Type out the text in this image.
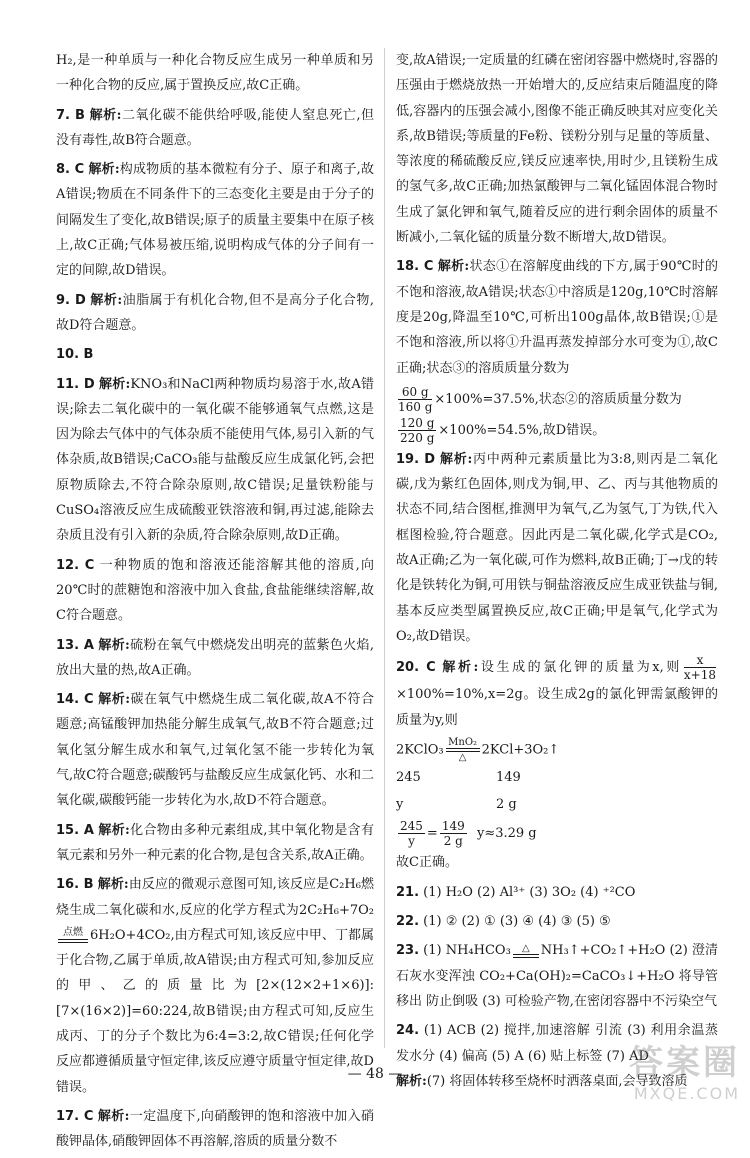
H₂,是一种单质与一种化合物反应生成另一种单质和另一种化合物的反应,属于置换反应,故C正确。

7. B 解析:二氧化碳不能供给呼吸,能使人窒息死亡,但没有毒性,故B符合题意。

8. C 解析:构成物质的基本微粒有分子、原子和离子,故A错误;物质在不同条件下的三态变化主要是由于分子的间隔发生了变化,故B错误;原子的质量主要集中在原子核上,故C正确;气体易被压缩,说明构成气体的分子间有一定的间隙,故D错误。

9. D 解析:油脂属于有机化合物,但不是高分子化合物,故D符合题意。

10. B

11. D 解析:KNO₃和NaCl两种物质均易溶于水,故A错误;除去二氧化碳中的一氧化碳不能够通氧气点燃,这是因为除去气体中的气体杂质不能使用气体,易引入新的气体杂质,故B错误;CaCO₃能与盐酸反应生成氯化钙,会把原物质除去,不符合除杂原则,故C错误;足量铁粉能与CuSO₄溶液反应生成硫酸亚铁溶液和铜,再过滤,能除去杂质且没有引入新的杂质,符合除杂原则,故D正确。

12. C 一种物质的饱和溶液还能溶解其他的溶质,向20℃时的蔗糖饱和溶液中加入食盐,食盐能继续溶解,故C符合题意。

13. A 解析:硫粉在氧气中燃烧发出明亮的蓝紫色火焰,放出大量的热,故A正确。

14. C 解析:碳在氧气中燃烧生成二氧化碳,故A不符合题意;高锰酸钾加热能分解生成氧气,故B不符合题意;过氧化氢分解生成水和氧气,过氧化氢不能一步转化为氧气,故C符合题意;碳酸钙与盐酸反应生成氯化钙、水和二氧化碳,碳酸钙能一步转化为水,故D不符合题意。

15. A 解析:化合物由多种元素组成,其中氧化物是含有氧元素和另外一种元素的化合物,是包含关系,故A正确。

16. B 解析:由反应的微观示意图可知,该反应是C₂H₆燃烧生成二氧化碳和水,反应的化学方程式为2C₂H₆+7O₂
点燃 6H₂O+4CO₂,由方程式可知,该反应中甲、丁都属于化合物,乙属于单质,故A错误;由方程式可知,参加反应的甲、乙的质量比为[2×(12×2+1×6)]:[7×(16×2)]=60:224,故B错误;由方程式可知,反应生成丙、丁的分子个数比为6:4=3:2,故C错误;任何化学反应都遵循质量守恒定律,该反应遵守质量守恒定律,故D错误。

17. C 解析:一定温度下,向硝酸钾的饱和溶液中加入硝酸钾晶体,硝酸钾固体不再溶解,溶质的质量分数不

变,故A错误;一定质量的红磷在密闭容器中燃烧时,容器的压强由于燃烧放热一开始增大的,反应结束后随温度的降低,容器内的压强会减小,图像不能正确反映其对应变化关系,故B错误;等质量的Fe粉、镁粉分别与足量的等质量、等浓度的稀硫酸反应,镁反应速率快,用时少,且镁粉生成的氢气多,故C正确;加热氯酸钾与二氧化锰固体混合物时生成了氯化钾和氧气,随着反应的进行剩余固体的质量不断减小,二氧化锰的质量分数不断增大,故D错误。

18. C 解析:状态①在溶解度曲线的下方,属于90℃时的不饱和溶液,故A错误;状态①中溶质是120g,10℃时溶解度是20g,降温至10℃,可析出100g晶体,故B错误;①是不饱和溶液,所以将①升温再蒸发掉部分水可变为①,故C正确;状态③的溶质质量分数为

$\frac{60 g}{160 g} \times 100\%=37.5\%$,状态②的溶质质量分数为

$\frac{120 g}{220 g} \times 100\%=54.5\%$,故D错误。

19. D 解析:丙中两种元素质量比为3:8,则丙是二氧化碳,戊为紫红色固体,则戊为铜,甲、乙、丙与其他物质的状态不同,结合图框,推测甲为氧气,乙为氢气,丁为铁,代入框图检验,符合题意。因此丙是二氧化碳,化学式是CO₂,故A正确;乙为一氧化碳,可作为燃料,故B正确;丁→戊的转化是铁转化为铜,可用铁与铜盐溶液反应生成亚铁盐与铜,基本反应类型属置换反应,故C正确;甲是氧气,化学式为O₂,故D错误。

20. C 解析:设生成的氯化钾的质量为x,则 $\frac{x}{x+18}$
×100%=10%,x=2g。设生成2g的氯化钾需氯酸钾的质量为y,则

2KClO₃ MnO₂
△	2KCl+3O₂↑

245	149
y	2 g

$\frac{245}{y} = \frac{149}{2 g} y\approx 3.29$ g

故C正确。

21. (1) H₂O (2) Al³⁺ (3) 3O₂ (4) ⁺²CO

22. (1) ② (2) ① (3) ④ (4) ③ (5) ⑤

23. (1) NH₄HCO₃	△ NH₃↑+CO₂↑+H₂O (2) 澄清石灰水变浑浊 CO₂+Ca(OH)₂=CaCO₃↓+H₂O 将导管移出 防止倒吸 (3) 可检验产物,在密闭容器中不污染空气

24. (1) ACB (2) 搅拌,加速溶解 引流 (3) 利用余温蒸发水分 (4) 偏高 (5) A (6) 贴上标签 (7) AD
解析:(7) 将固体转移至烧杯时洒落桌面,会导致溶质

— 48 —	答案圈
MXQE.COM
